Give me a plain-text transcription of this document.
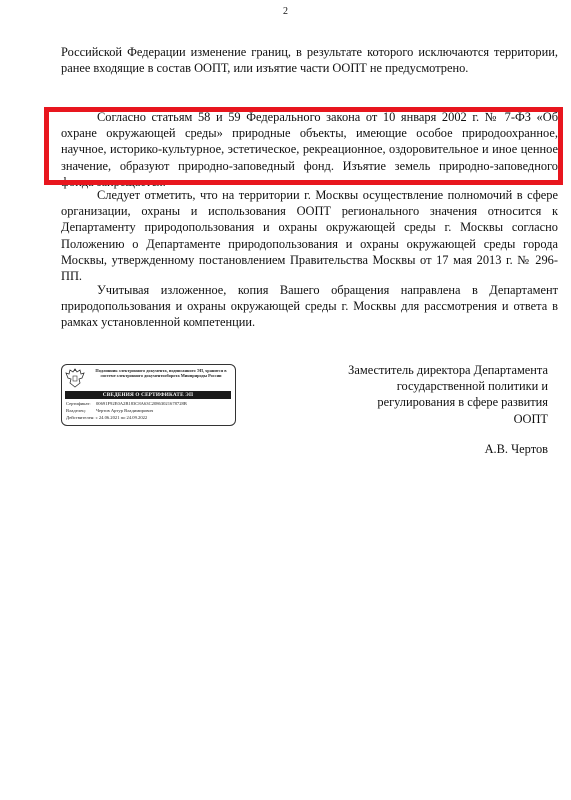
2

Российской Федерации изменение границ, в результате которого исключаются территории, ранее входящие в состав ООПТ, или изъятие части ООПТ не предусмотрено.

Согласно статьям 58 и 59 Федерального закона от 10 января 2002 г. № 7-ФЗ «Об охране окружающей среды» природные объекты, имеющие особое природоохранное, научное, историко-культурное, эстетическое, рекреационное, оздоровительное и иное ценное значение, образуют природно-заповедный фонд. Изъятие земель природно-заповедного фонда запрещается.

Следует отметить, что на территории г. Москвы осуществление полномочий в сфере организации, охраны и использования ООПТ регионального значения относится к Департаменту природопользования и охраны окружающей среды г. Москвы согласно Положению о Департаменте природопользования и охраны окружающей среды города Москвы, утвержденному постановлением Правительства Москвы от 17 мая 2013 г. № 296-ПП.

Учитывая изложенное, копия Вашего обращения направлена в Департамент природопользования и охраны окружающей среды г. Москвы для рассмотрения и ответа в рамках установленной компетенции.

Подлинник электронного документа, подписанного ЭП, хранится в системе электронного документооборота Минприроды России
СВЕДЕНИЯ О СЕРТИФИКАТЕ ЭП
Сертификат: 00691F92E0A2B183C8A63C20863021678728B
Владелец: Чертов Артур Владимирович
Действителен: с 24.06.2021 по 24.09.2022
Заместитель директора Департамента
государственной политики и
регулирования в сфере развития
ООПТ
А.В. Чертов
